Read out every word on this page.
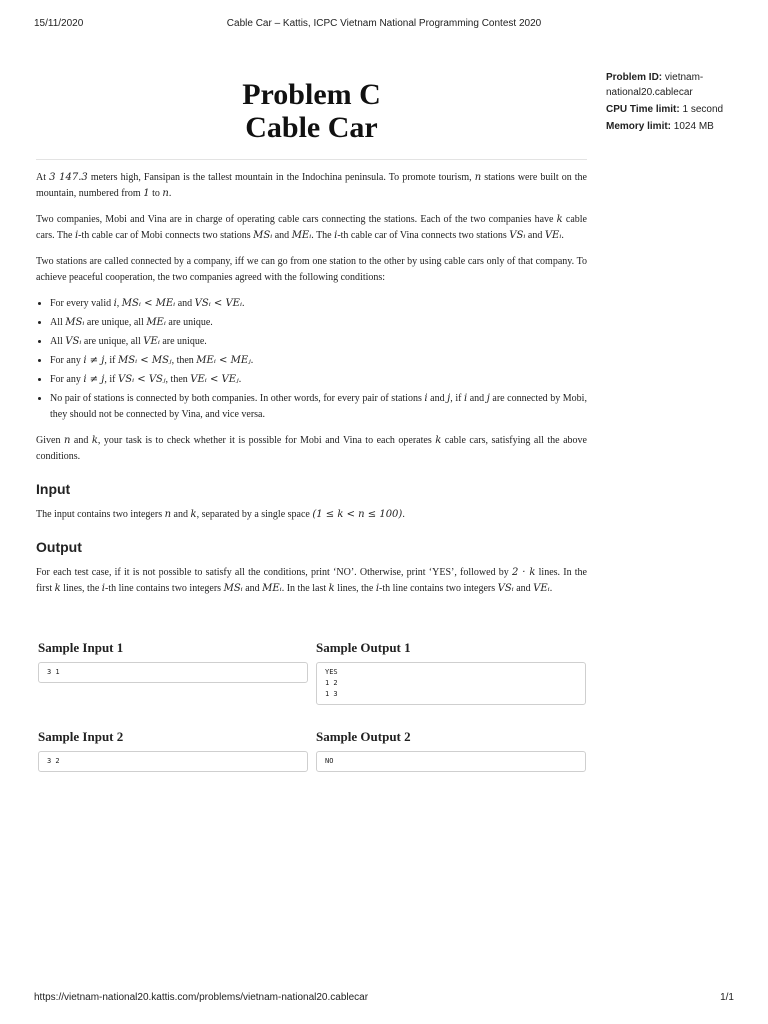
15/11/2020	Cable Car – Kattis, ICPC Vietnam National Programming Contest 2020
Problem ID: vietnam-national20.cablecar
CPU Time limit: 1 second
Memory limit: 1024 MB
Problem C
Cable Car

At 3 147.3 meters high, Fansipan is the tallest mountain in the Indochina peninsula. To promote tourism, n stations were built on the mountain, numbered from 1 to n.

Two companies, Mobi and Vina are in charge of operating cable cars connecting the stations. Each of the two companies have k cable cars. The i-th cable car of Mobi connects two stations MSᵢ and MEᵢ. The i-th cable car of Vina connects two stations VSᵢ and VEᵢ.

Two stations are called connected by a company, iff we can go from one station to the other by using cable cars only of that company. To achieve peaceful cooperation, the two companies agreed with the following conditions:

• For every valid i, MSᵢ < MEᵢ and VSᵢ < VEᵢ.
• All MSᵢ are unique, all MEᵢ are unique.
• All VSᵢ are unique, all VEᵢ are unique.
• For any i ≠ j, if MSᵢ < MSⱼ, then MEᵢ < MEⱼ.
• For any i ≠ j, if VSᵢ < VSⱼ, then VEᵢ < VEⱼ.
• No pair of stations is connected by both companies. In other words, for every pair of stations i and j, if i and j are connected by Mobi, they should not be connected by Vina, and vice versa.

Given n and k, your task is to check whether it is possible for Mobi and Vina to each operates k cable cars, satisfying all the above conditions.

Input

The input contains two integers n and k, separated by a single space (1 ≤ k < n ≤ 100).

Output

For each test case, if it is not possible to satisfy all the conditions, print ‘NO’. Otherwise, print ‘YES’, followed by 2 · k lines. In the first k lines, the i-th line contains two integers MSᵢ and MEᵢ. In the last k lines, the i-th line contains two integers VSᵢ and VEᵢ.

Sample Input 1
3 1
Sample Output 1
YES
1 2
1 3
Sample Input 2
3 2
Sample Output 2
NO
https://vietnam-national20.kattis.com/problems/vietnam-national20.cablecar	1/1
